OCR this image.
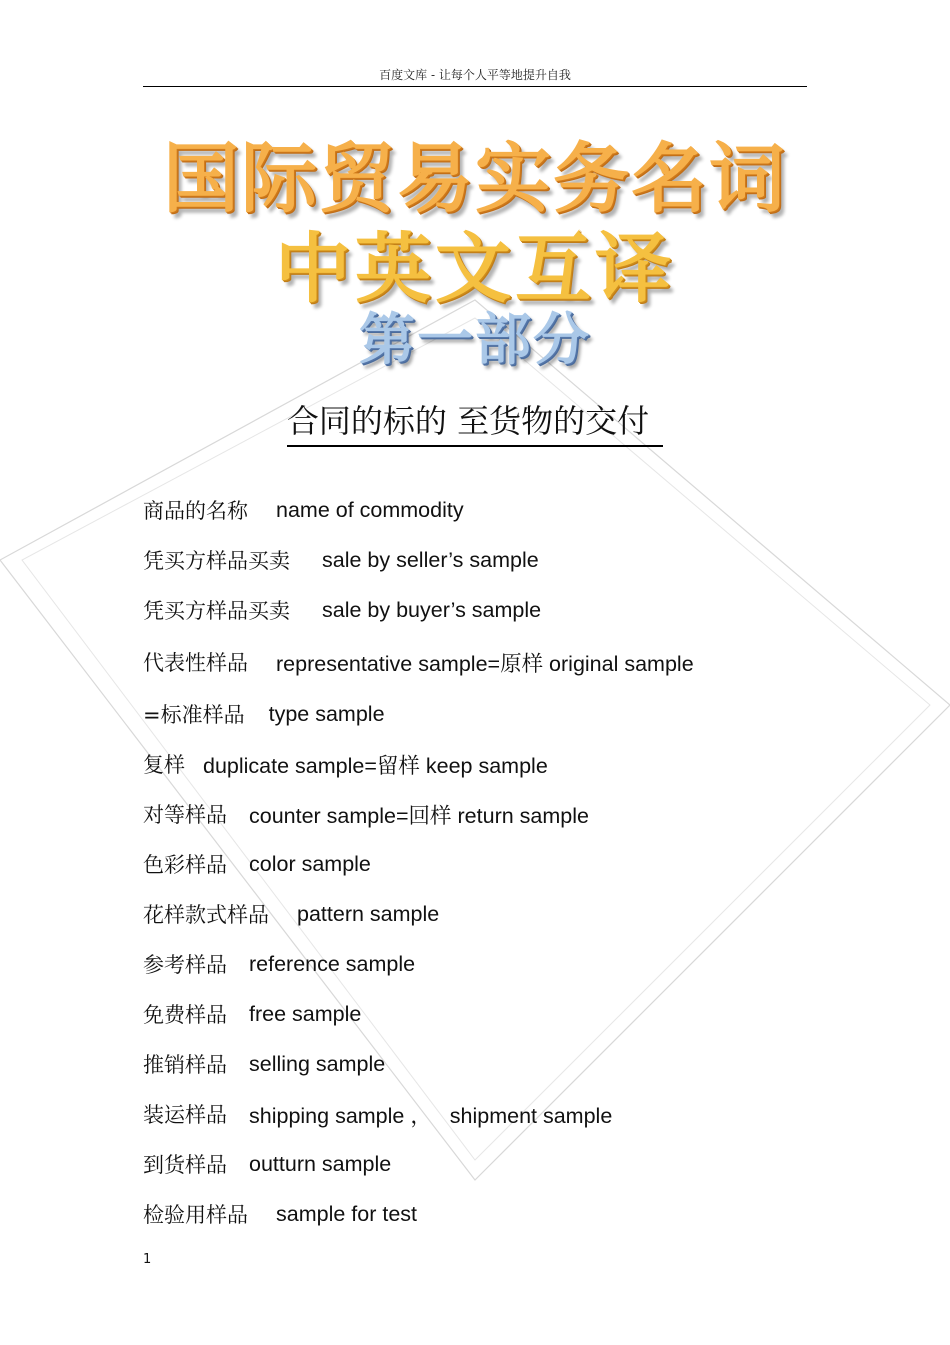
百度文库 - 让每个人平等地提升自我
国际贸易实务名词
中英文互译
第一部分
合同的标的 至货物的交付
商品的名称 name of commodity
凭买方样品买卖 sale by seller’s sample
凭买方样品买卖 sale by buyer’s sample
代表性样品 representative sample=原样 original sample
=标准样品 type sample
复样 duplicate sample=留样 keep sample
对等样品 counter sample=回样 return sample
色彩样品 color sample
花样款式样品 pattern sample
参考样品 reference sample
免费样品 free sample
推销样品 selling sample
装运样品 shipping sample ，   shipment sample
到货样品 outturn sample
检验用样品 sample for test
1
